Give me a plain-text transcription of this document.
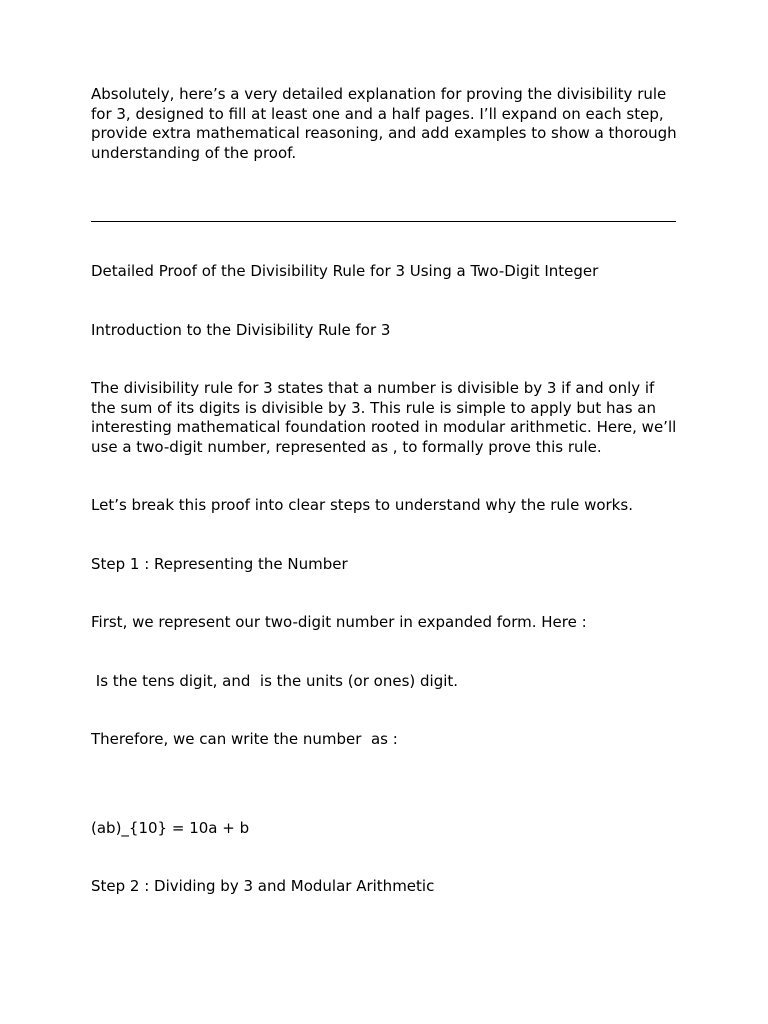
Absolutely, here’s a very detailed explanation for proving the divisibility rule for 3, designed to fill at least one and a half pages. I’ll expand on each step, provide extra mathematical reasoning, and add examples to show a thorough understanding of the proof.

Detailed Proof of the Divisibility Rule for 3 Using a Two-Digit Integer

Introduction to the Divisibility Rule for 3

The divisibility rule for 3 states that a number is divisible by 3 if and only if the sum of its digits is divisible by 3. This rule is simple to apply but has an interesting mathematical foundation rooted in modular arithmetic. Here, we’ll use a two-digit number, represented as , to formally prove this rule.

Let’s break this proof into clear steps to understand why the rule works.

Step 1 : Representing the Number

First, we represent our two-digit number in expanded form. Here :

Is the tens digit, and  is the units (or ones) digit.

Therefore, we can write the number  as :

(ab)_{10} = 10a + b

Step 2 : Dividing by 3 and Modular Arithmetic
